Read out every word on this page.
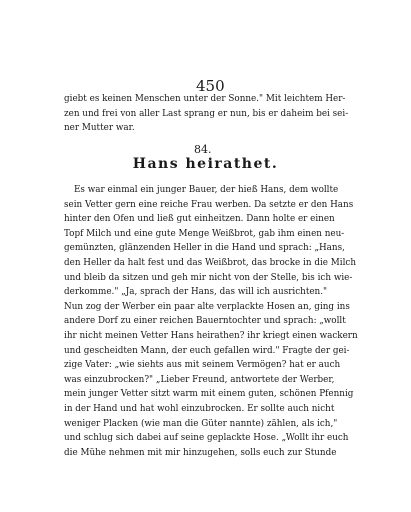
450
giebt es keinen Menschen unter der Sonne." Mit leichtem Her-
zen und frei von aller Last sprang er nun, bis er daheim bei sei-
ner Mutter war.
84.
Hans heirathet.
Es war einmal ein junger Bauer, der hieß Hans, dem wollte
sein Vetter gern eine reiche Frau werben. Da setzte er den Hans
hinter den Ofen und ließ gut einheitzen. Dann holte er einen
Topf Milch und eine gute Menge Weißbrot, gab ihm einen neu-
gemünzten, glänzenden Heller in die Hand und sprach: „Hans,
den Heller da halt fest und das Weißbrot, das brocke in die Milch
und bleib da sitzen und geh mir nicht von der Stelle, bis ich wie-
derkomme." „Ja, sprach der Hans, das will ich ausrichten."
Nun zog der Werber ein paar alte verplackte Hosen an, ging ins
andere Dorf zu einer reichen Bauerntochter und sprach: „wollt
ihr nicht meinen Vetter Hans heirathen? ihr kriegt einen wackern
und gescheidten Mann, der euch gefallen wird." Fragte der gei-
zige Vater: „wie siehts aus mit seinem Vermögen? hat er auch
was einzubrocken?" „Lieber Freund, antwortete der Werber,
mein junger Vetter sitzt warm mit einem guten, schönen Pfennig
in der Hand und hat wohl einzubrocken. Er sollte auch nicht
weniger Placken (wie man die Güter nannte) zählen, als ich,"
und schlug sich dabei auf seine geplackte Hose. „Wollt ihr euch
die Mühe nehmen mit mir hinzugehen, solls euch zur Stunde
